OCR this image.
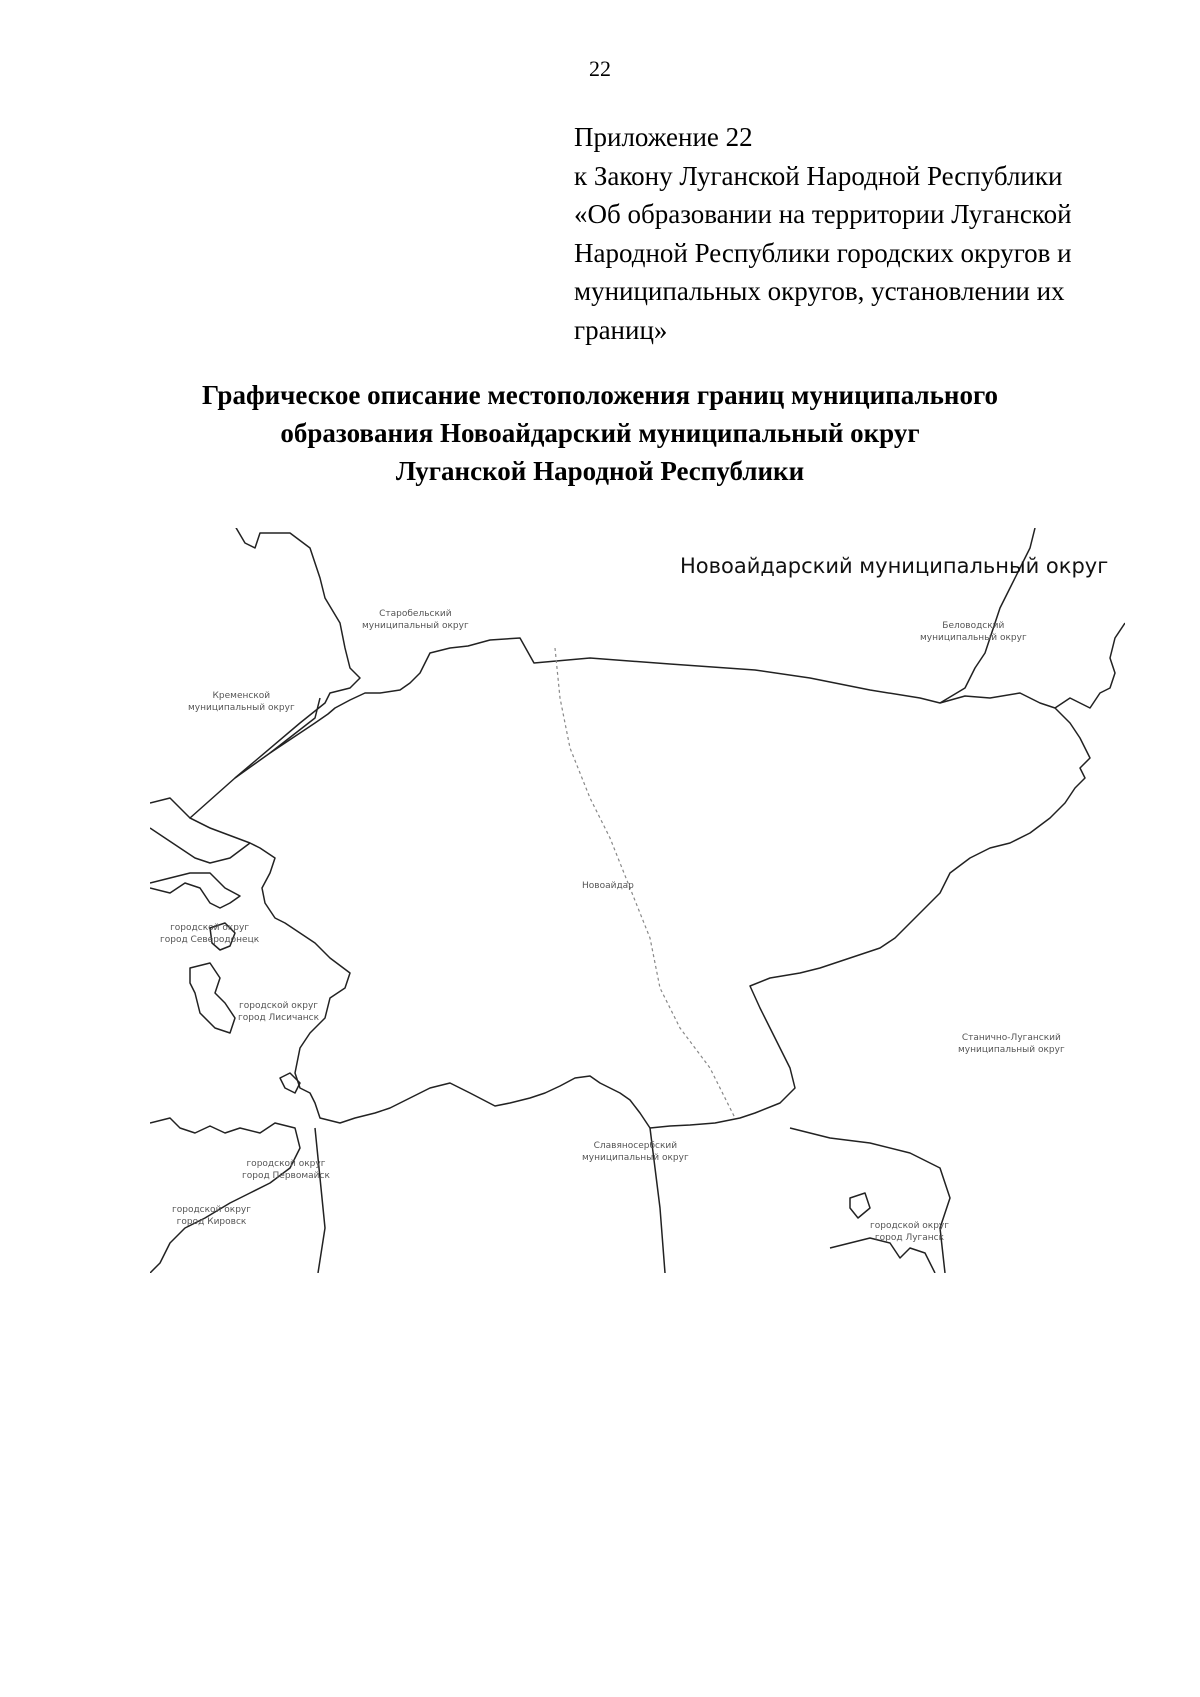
22
Приложение 22
к Закону Луганской Народной Республики
«Об образовании на территории Луганской
Народной Республики городских округов и
муниципальных округов, установлении их
границ»
Графическое описание местоположения границ муниципального
образования Новоайдарский муниципальный округ
Луганской Народной Республики
Новоайдарский муниципальный округ
Старобельский
муниципальный округ
Кременской
муниципальный округ
Беловодский
муниципальный округ
городской округ
город Северодонецк
городской округ
город Лисичанск
городской округ
город Первомайск
городской округ
город Кировск
Славяносербский
муниципальный округ
Станично-Луганский
муниципальный округ
городской округ
город Луганск
Новоайдар
